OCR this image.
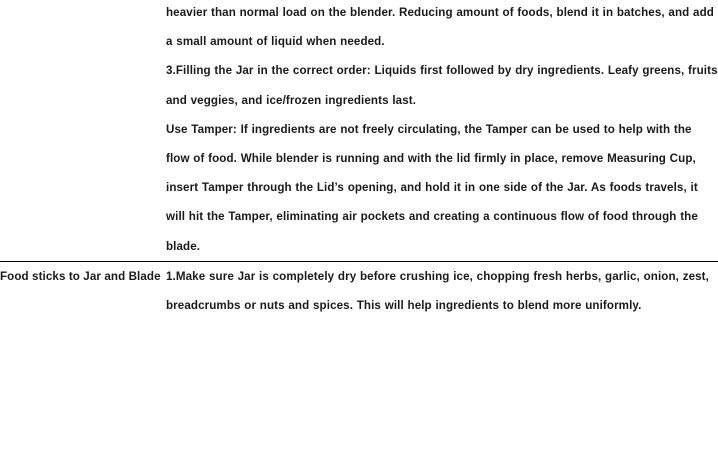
	heavier than normal load on the blender. Reducing amount of foods, blend it in batches, and add a small amount of liquid when needed.

3.Filling the Jar in the correct order: Liquids first followed by dry ingredients. Leafy greens, fruits and veggies, and ice/frozen ingredients last.

Use Tamper: If ingredients are not freely circulating, the Tamper can be used to help with the flow of food. While blender is running and with the lid firmly in place, remove Measuring Cup, insert Tamper through the Lid’s opening, and hold it in one side of the Jar. As foods travels, it will hit the Tamper, eliminating air pockets and creating a continuous flow of food through the blade.

Food sticks to Jar and Blade	1.Make sure Jar is completely dry before crushing ice, chopping fresh herbs, garlic, onion, zest, breadcrumbs or nuts and spices. This will help ingredients to blend more uniformly.
